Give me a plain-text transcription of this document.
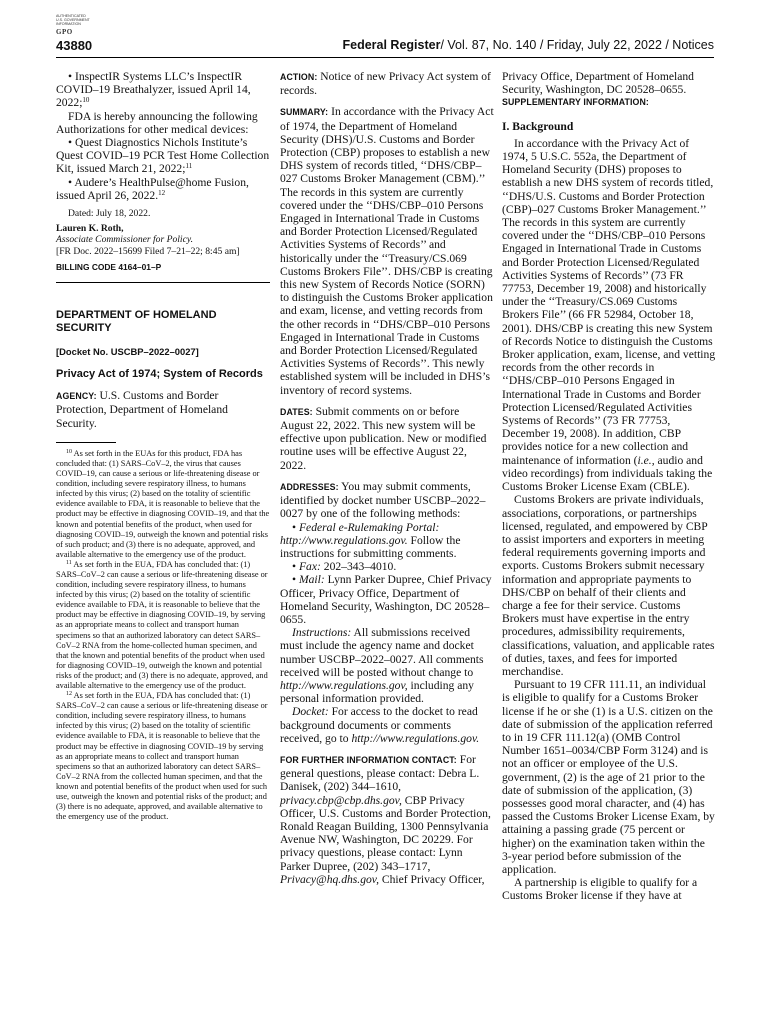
AUTHENTICATED
U.S. GOVERNMENT
INFORMATION
GPO
43880	Federal Register/ Vol. 87, No. 140 / Friday, July 22, 2022 / Notices

• InspectIR Systems LLC’s InspectIR COVID–19 Breathalyzer, issued April 14, 2022;$^{10}$

FDA is hereby announcing the following Authorizations for other medical devices:

• Quest Diagnostics Nichols Institute’s Quest COVID–19 PCR Test Home Collection Kit, issued March 21, 2022;$^{11}$

• Audere’s HealthPulse@home Fusion, issued April 26, 2022.12

Dated: July 18, 2022.

Lauren K. Roth,

Associate Commissioner for Policy.

[FR Doc. 2022–15699 Filed 7–21–22; 8:45 am]

BILLING CODE 4164–01–P

DEPARTMENT OF HOMELAND SECURITY

[Docket No. USCBP–2022–0027]

Privacy Act of 1974; System of Records

AGENCY: U.S. Customs and Border Protection, Department of Homeland Security.

$^{10}$ As set forth in the EUAs for this product, FDA has concluded that: (1) SARS–CoV–2, the virus that causes COVID–19, can cause a serious or life-threatening disease or condition, including severe respiratory illness, to humans infected by this virus; (2) based on the totality of scientific evidence available to FDA, it is reasonable to believe that the product may be effective in diagnosing COVID–19, and that the known and potential benefits of the product, when used for diagnosing COVID–19, outweigh the known and potential risks of such product; and (3) there is no adequate, approved, and available alternative to the emergency use of the product.

$^{11}$ As set forth in the EUA, FDA has concluded that: (1) SARS–CoV–2 can cause a serious or life-threatening disease or condition, including severe respiratory illness, to humans infected by this virus; (2) based on the totality of scientific evidence available to FDA, it is reasonable to believe that the product may be effective in diagnosing COVID–19, by serving as an appropriate means to collect and transport human specimens so that an authorized laboratory can detect SARS–CoV–2 RNA from the home-collected human specimen, and that the known and potential benefits of the product when used for diagnosing COVID–19, outweigh the known and potential risks of the product; and (3) there is no adequate, approved, and available alternative to the emergency use of the product.

$^{12}$ As set forth in the EUA, FDA has concluded that: (1) SARS–CoV–2 can cause a serious or life-threatening disease or condition, including severe respiratory illness, to humans infected by this virus; (2) based on the totality of scientific evidence available to FDA, it is reasonable to believe that the product may be effective in diagnosing COVID–19 by serving as an appropriate means to collect and transport human specimens so that an authorized laboratory can detect SARS–CoV–2 RNA from the collected human specimen, and that the known and potential benefits of the product when used for such use, outweigh the known and potential risks of the product; and (3) there is no adequate, approved, and available alternative to the emergency use of the product.

ACTION: Notice of new Privacy Act system of records.

SUMMARY: In accordance with the Privacy Act of 1974, the Department of Homeland Security (DHS)/U.S. Customs and Border Protection (CBP) proposes to establish a new DHS system of records titled, ‘‘DHS/CBP–027 Customs Broker Management (CBM).’’ The records in this system are currently covered under the ‘‘DHS/CBP–010 Persons Engaged in International Trade in Customs and Border Protection Licensed/Regulated Activities Systems of Records’’ and historically under the ‘‘Treasury/CS.069 Customs Brokers File’’. DHS/CBP is creating this new System of Records Notice (SORN) to distinguish the Customs Broker application and exam, license, and vetting records from the other records in ‘‘DHS/CBP–010 Persons Engaged in International Trade in Customs and Border Protection Licensed/Regulated Activities Systems of Records’’. This newly established system will be included in DHS’s inventory of record systems.

DATES: Submit comments on or before August 22, 2022. This new system will be effective upon publication. New or modified routine uses will be effective August 22, 2022.

ADDRESSES: You may submit comments, identified by docket number USCBP–2022–0027 by one of the following methods:

• Federal e-Rulemaking Portal: http://www.regulations.gov. Follow the instructions for submitting comments.

• Fax: 202–343–4010.

• Mail: Lynn Parker Dupree, Chief Privacy Officer, Privacy Office, Department of Homeland Security, Washington, DC 20528–0655.

Instructions: All submissions received must include the agency name and docket number USCBP–2022–0027. All comments received will be posted without change to http://www.regulations.gov, including any personal information provided.

Docket: For access to the docket to read background documents or comments received, go to http://www.regulations.gov.

FOR FURTHER INFORMATION CONTACT: For general questions, please contact: Debra L. Danisek, (202) 344–1610, privacy.cbp@cbp.dhs.gov, CBP Privacy Officer, U.S. Customs and Border Protection, Ronald Reagan Building, 1300 Pennsylvania Avenue NW, Washington, DC 20229. For privacy questions, please contact: Lynn Parker Dupree, (202) 343–1717, Privacy@hq.dhs.gov, Chief Privacy Officer,

Privacy Office, Department of Homeland Security, Washington, DC 20528–0655.

SUPPLEMENTARY INFORMATION:

I. Background

In accordance with the Privacy Act of 1974, 5 U.S.C. 552a, the Department of Homeland Security (DHS) proposes to establish a new DHS system of records titled, ‘‘DHS/U.S. Customs and Border Protection (CBP)–027 Customs Broker Management.’’ The records in this system are currently covered under the ‘‘DHS/CBP–010 Persons Engaged in International Trade in Customs and Border Protection Licensed/Regulated Activities Systems of Records’’ (73 FR 77753, December 19, 2008) and historically under the ‘‘Treasury/CS.069 Customs Brokers File’’ (66 FR 52984, October 18, 2001). DHS/CBP is creating this new System of Records Notice to distinguish the Customs Broker application, exam, license, and vetting records from the other records in ‘‘DHS/CBP–010 Persons Engaged in International Trade in Customs and Border Protection Licensed/Regulated Activities Systems of Records’’ (73 FR 77753, December 19, 2008). In addition, CBP provides notice for a new collection and maintenance of information (i.e., audio and video recordings) from individuals taking the Customs Broker License Exam (CBLE).

Customs Brokers are private individuals, associations, corporations, or partnerships licensed, regulated, and empowered by CBP to assist importers and exporters in meeting federal requirements governing imports and exports. Customs Brokers submit necessary information and appropriate payments to DHS/CBP on behalf of their clients and charge a fee for their service. Customs Brokers must have expertise in the entry procedures, admissibility requirements, classifications, valuation, and applicable rates of duties, taxes, and fees for imported merchandise.

Pursuant to 19 CFR 111.11, an individual is eligible to qualify for a Customs Broker license if he or she (1) is a U.S. citizen on the date of submission of the application referred to in 19 CFR 111.12(a) (OMB Control Number 1651–0034/CBP Form 3124) and is not an officer or employee of the U.S. government, (2) is the age of 21 prior to the date of submission of the application, (3) possesses good moral character, and (4) has passed the Customs Broker License Exam, by attaining a passing grade (75 percent or higher) on the examination taken within the 3-year period before submission of the application.

A partnership is eligible to qualify for a Customs Broker license if they have at
